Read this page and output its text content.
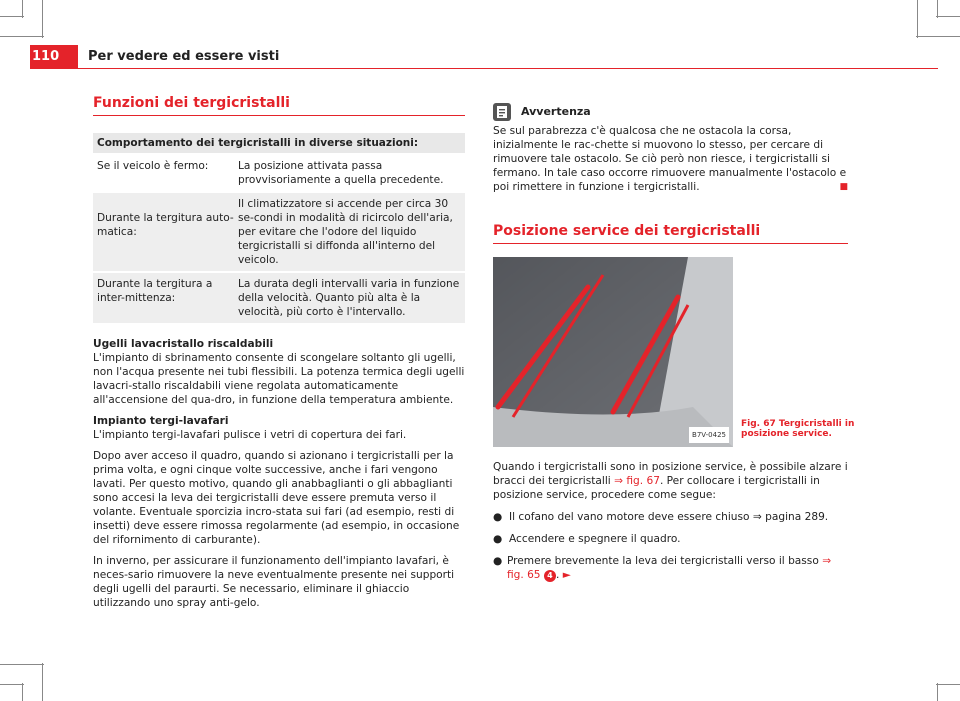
110 Per vedere ed essere visti
Funzioni dei tergicristalli
Comportamento dei tergicristalli in diverse situazioni:
Se il veicolo è fermo:	La posizione attivata passa provvisoriamente a quella precedente.
Durante la tergitura auto-matica:
Il climatizzatore si accende per circa 30 se-condi in modalità di ricircolo dell'aria, per evitare che l'odore del liquido tergicristalli si diffonda all'interno del veicolo.
Durante la tergitura a inter-mittenza:
La durata degli intervalli varia in funzione della velocità. Quanto più alta è la velocità, più corto è l'intervallo.
Ugelli lavacristallo riscaldabili

L'impianto di sbrinamento consente di scongelare soltanto gli ugelli, non l'acqua presente nei tubi flessibili. La potenza termica degli ugelli lavacri-stallo riscaldabili viene regolata automaticamente all'accensione del qua-dro, in funzione della temperatura ambiente.

Impianto tergi-lavafari

L'impianto tergi-lavafari pulisce i vetri di copertura dei fari.

Dopo aver acceso il quadro, quando si azionano i tergicristalli per la prima volta, e ogni cinque volte successive, anche i fari vengono lavati. Per questo motivo, quando gli anabbaglianti o gli abbaglianti sono accesi la leva dei tergicristalli deve essere premuta verso il volante. Eventuale sporcizia incro-stata sui fari (ad esempio, resti di insetti) deve essere rimossa regolarmente (ad esempio, in occasione del rifornimento di carburante).

In inverno, per assicurare il funzionamento dell'impianto lavafari, è neces-sario rimuovere la neve eventualmente presente nei supporti degli ugelli del paraurti. Se necessario, eliminare il ghiaccio utilizzando uno spray anti-gelo.

Avvertenza

Se sul parabrezza c'è qualcosa che ne ostacola la corsa, inizialmente le rac-chette si muovono lo stesso, per cercare di rimuovere tale ostacolo. Se ciò però non riesce, i tergicristalli si fermano. In tale caso occorre rimuovere manualmente l'ostacolo e poi rimettere in funzione i tergicristalli.	■

Posizione service dei tergicristalli
B7V-0425
Fig. 67 Tergicristalli in posizione service.

Quando i tergicristalli sono in posizione service, è possibile alzare i bracci dei tergicristalli ⇒ fig. 67. Per collocare i tergicristalli in posizione service, procedere come segue:

● Il cofano del vano motore deve essere chiuso ⇒ pagina 289.
● Accendere e spegnere il quadro.
● Premere brevemente la leva dei tergicristalli verso il basso ⇒ fig. 65 4 . ►
